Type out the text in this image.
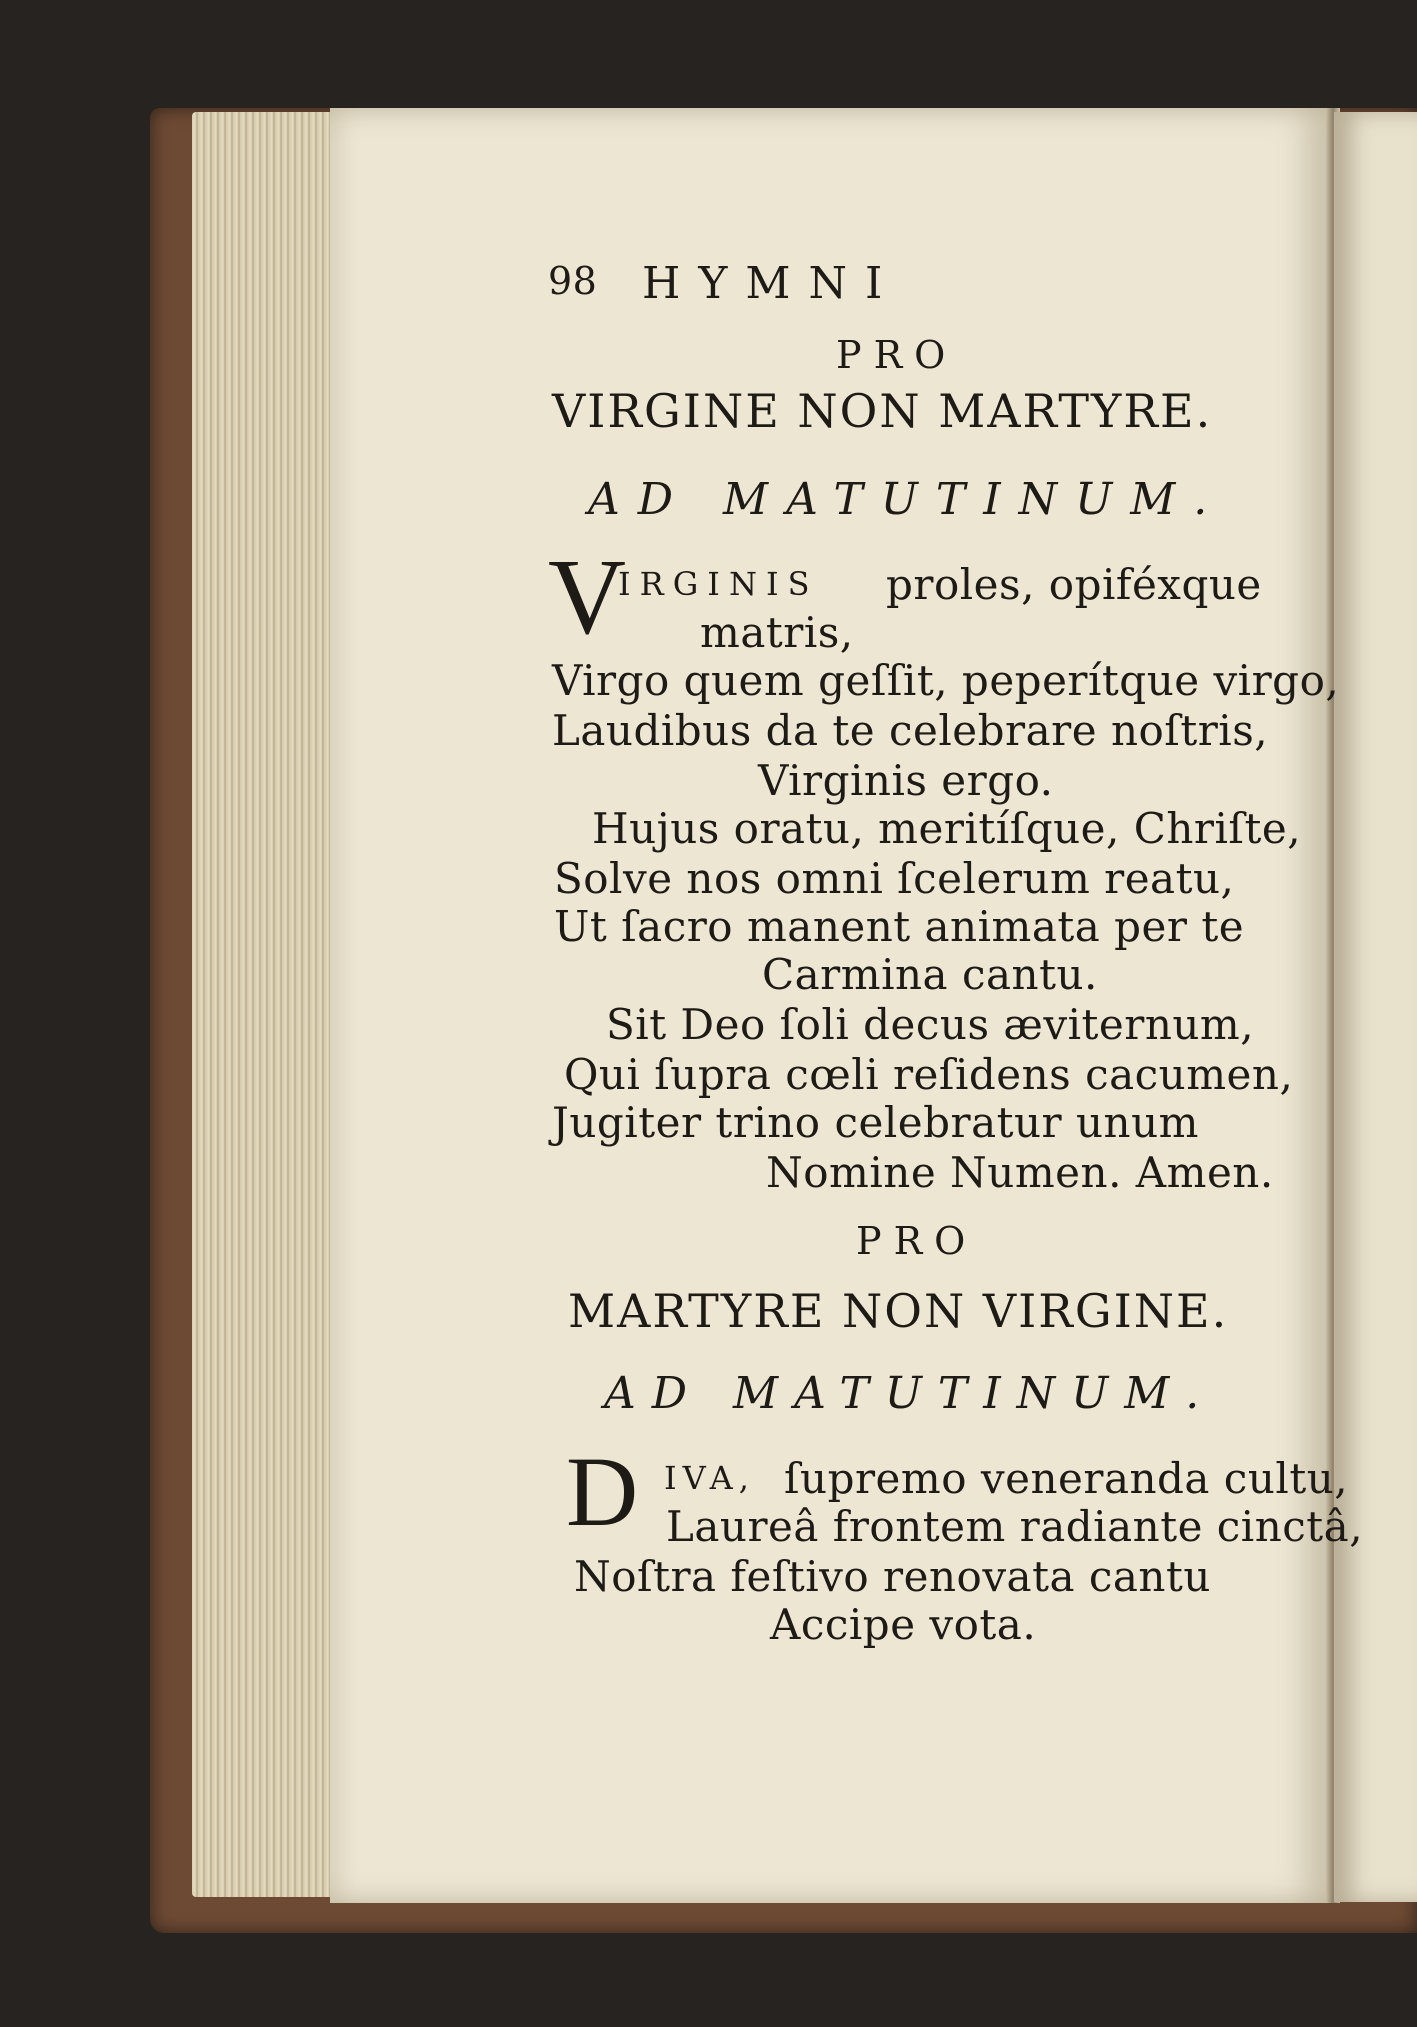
98 HYMNI
PRO
VIRGINE NON MARTYRE.
AD MATUTINUM.
V
IRGINIS proles, opiféxque
matris,
Virgo quem geſſit, peperítque virgo,
Laudibus da te celebrare noſtris,
Virginis ergo.
Hujus oratu, meritíſque, Chriſte,
Solve nos omni ſcelerum reatu,
Ut ſacro manent animata per te
Carmina cantu.
Sit Deo ſoli decus æviternum,
Qui ſupra cœli reſidens cacumen,
Jugiter trino celebratur unum
Nomine Numen. Amen.
PRO
MARTYRE NON VIRGINE.
AD MATUTINUM.
D IVA, ſupremo veneranda cultu,
Laureâ frontem radiante cinctâ,
Noſtra feſtivo renovata cantu
Accipe vota.
